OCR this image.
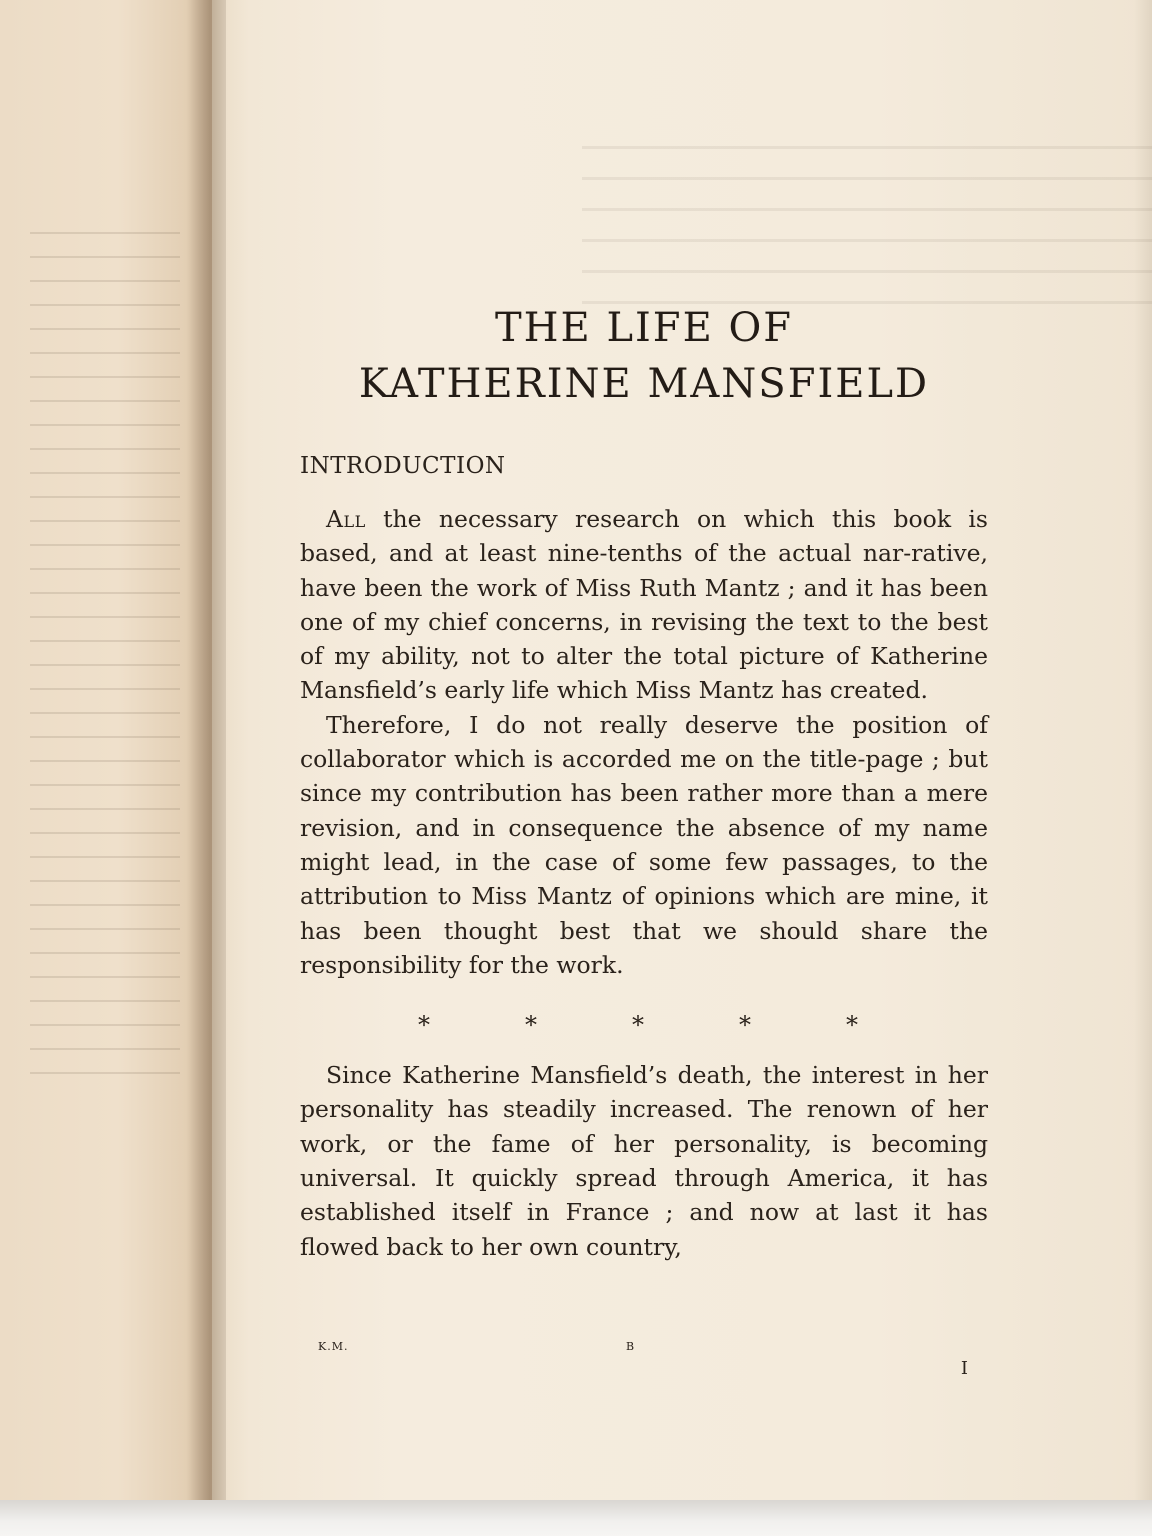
THE LIFE OF
KATHERINE MANSFIELD
INTRODUCTION

All the necessary research on which this book is based, and at least nine-tenths of the actual nar-rative, have been the work of Miss Ruth Mantz ; and it has been one of my chief concerns, in revising the text to the best of my ability, not to alter the total picture of Katherine Mansfield’s early life which Miss Mantz has created.

Therefore, I do not really deserve the position of collaborator which is accorded me on the title-page ; but since my contribution has been rather more than a mere revision, and in consequence the absence of my name might lead, in the case of some few passages, to the attribution to Miss Mantz of opinions which are mine, it has been thought best that we should share the responsibility for the work.

*	*	*	*	*

Since Katherine Mansfield’s death, the interest in her personality has steadily increased. The renown of her work, or the fame of her personality, is becoming universal. It quickly spread through America, it has established itself in France ; and now at last it has flowed back to her own country,

K.M.	B
I
